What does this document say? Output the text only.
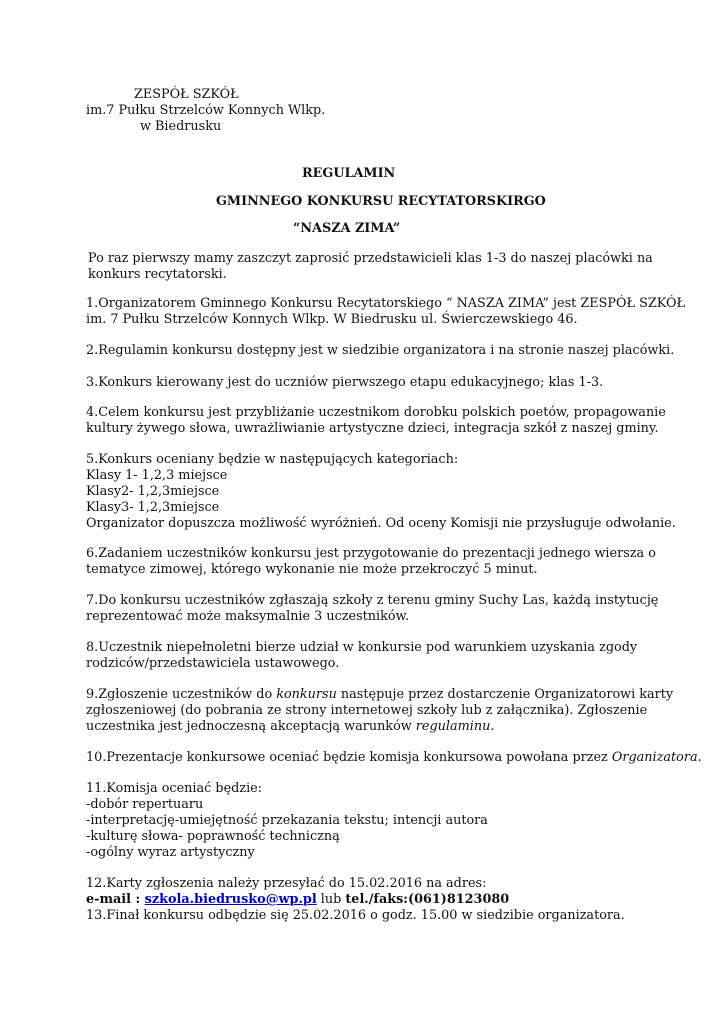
ZESPÓŁ SZKÓŁ
im.7 Pułku Strzelców Konnych Wlkp.
w Biedrusku
REGULAMIN
GMINNEGO KONKURSU RECYTATORSKIRGO
“NASZA ZIMA”
Po raz pierwszy mamy zaszczyt zaprosić przedstawicieli klas 1-3 do naszej placówki na
konkurs recytatorski.
1.Organizatorem Gminnego Konkursu Recytatorskiego “ NASZA ZIMA” jest ZESPÓŁ SZKÓŁ
im. 7 Pułku Strzelców Konnych Wlkp. W Biedrusku ul. Świerczewskiego 46.
2.Regulamin konkursu dostępny jest w siedzibie organizatora i na stronie naszej placówki.
3.Konkurs kierowany jest do uczniów pierwszego etapu edukacyjnego; klas 1-3.
4.Celem konkursu jest przybliżanie uczestnikom dorobku polskich poetów, propagowanie
kultury żywego słowa, uwrażliwianie artystyczne dzieci, integracja szkół z naszej gminy.
5.Konkurs oceniany będzie w następujących kategoriach:
Klasy 1- 1,2,3 miejsce
Klasy2- 1,2,3miejsce
Klasy3- 1,2,3miejsce
Organizator dopuszcza możliwość wyróżnień. Od oceny Komisji nie przysługuje odwołanie.
6.Zadaniem uczestników konkursu jest przygotowanie do prezentacji jednego wiersza o
tematyce zimowej, którego wykonanie nie może przekroczyć 5 minut.
7.Do konkursu uczestników zgłaszają szkoły z terenu gminy Suchy Las, każdą instytucję
reprezentować może maksymalnie 3 uczestników.
8.Uczestnik niepełnoletni bierze udział w konkursie pod warunkiem uzyskania zgody
rodziców/przedstawiciela ustawowego.
9.Zgłoszenie uczestników do konkursu następuje przez dostarczenie Organizatorowi karty
zgłoszeniowej (do pobrania ze strony internetowej szkoły lub z załącznika). Zgłoszenie
uczestnika jest jednoczesną akceptacją warunków regulaminu.
10.Prezentacje konkursowe oceniać będzie komisja konkursowa powołana przez Organizatora.
11.Komisja oceniać będzie:
-dobór repertuaru
-interpretację-umiejętność przekazania tekstu; intencji autora
-kulturę słowa- poprawność techniczną
-ogólny wyraz artystyczny
12.Karty zgłoszenia należy przesyłać do 15.02.2016 na adres:
e-mail : szkola.biedrusko@wp.pl lub tel./faks:(061)8123080
13.Finał konkursu odbędzie się 25.02.2016 o godz. 15.00 w siedzibie organizatora.
